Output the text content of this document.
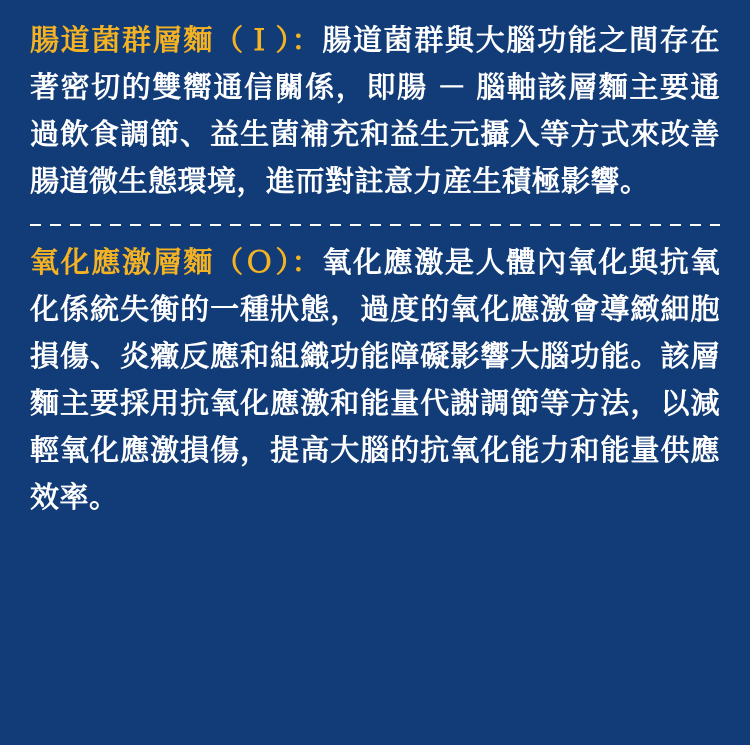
腸道菌群層麵（Ｉ）：腸道菌群與大腦功能之間存在著密切的雙嚮通信關係，即腸 － 腦軸該層麵主要通過飲食調節、益生菌補充和益生元攝入等方式來改善腸道微生態環境，進而對註意力産生積極影響。

氧化應激層麵（Ｏ）：氧化應激是人體內氧化與抗氧化係統失衡的一種狀態，過度的氧化應激會導緻細胞損傷、炎癥反應和組織功能障礙影響大腦功能。該層麵主要採用抗氧化應激和能量代謝調節等方法，以減輕氧化應激損傷，提高大腦的抗氧化能力和能量供應效率。
